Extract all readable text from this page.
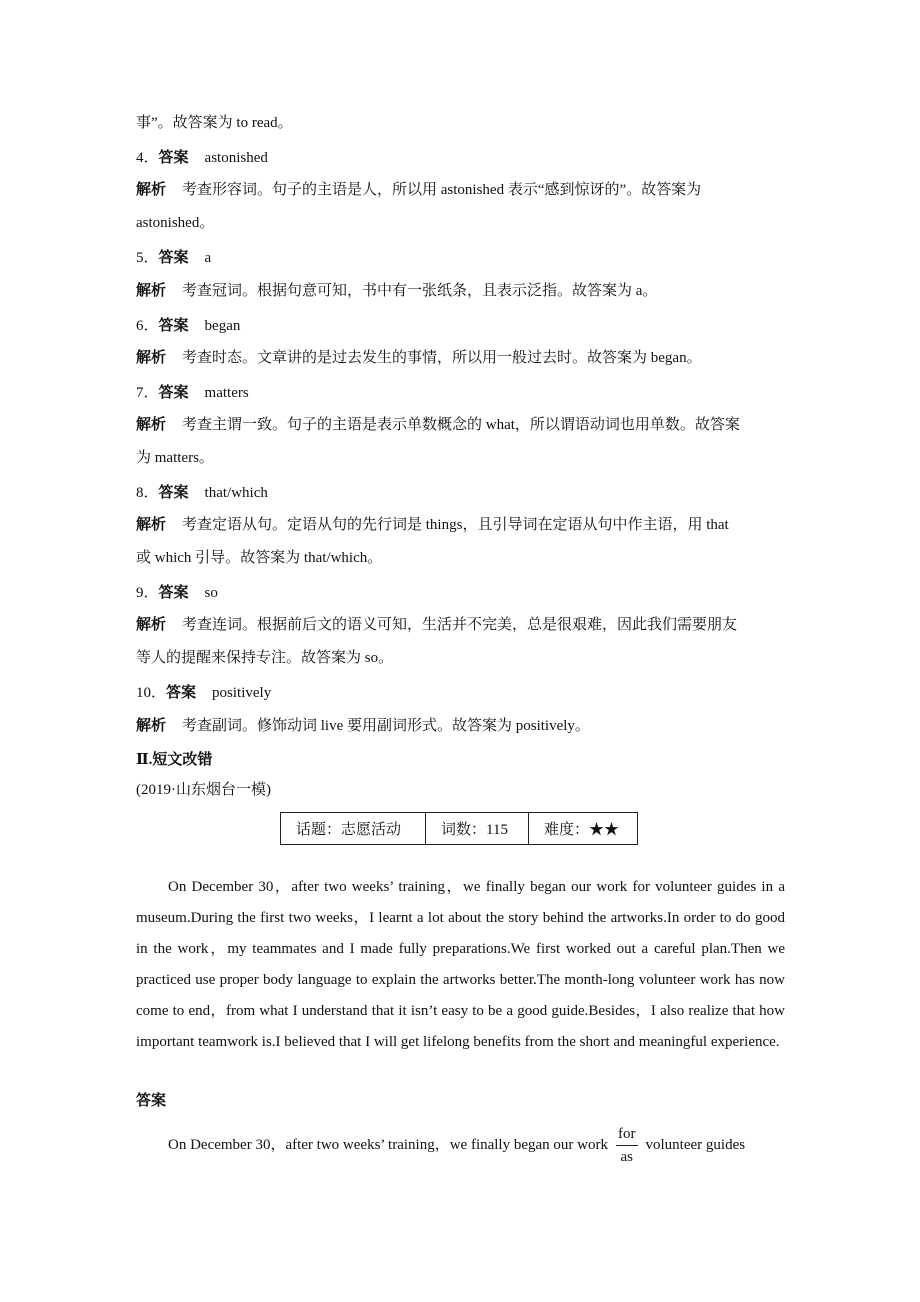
事”。故答案为 to read。
4．答案 astonished
解析 考查形容词。句子的主语是人，所以用 astonished 表示“感到惊讶的”。故答案为
astonished。
5．答案 a
解析 考查冠词。根据句意可知，书中有一张纸条，且表示泛指。故答案为 a。
6．答案 began
解析 考查时态。文章讲的是过去发生的事情，所以用一般过去时。故答案为 began。
7．答案 matters
解析 考查主谓一致。句子的主语是表示单数概念的 what，所以谓语动词也用单数。故答案
为 matters。
8．答案 that/which
解析 考查定语从句。定语从句的先行词是 things，且引导词在定语从句中作主语，用 that
或 which 引导。故答案为 that/which。
9．答案 so
解析 考查连词。根据前后文的语义可知，生活并不完美，总是很艰难，因此我们需要朋友
等人的提醒来保持专注。故答案为 so。
10．答案 positively
解析 考查副词。修饰动词 live 要用副词形式。故答案为 positively。
Ⅱ.短文改错
(2019·山东烟台一模)
话题：志愿活动	词数：115	难度：★★
On December 30，after two weeks’ training，we finally began our work for volunteer guides in a museum.During the first two weeks，I learnt a lot about the story behind the artworks.In order to do good in the work，my teammates and I made fully preparations.We first worked out a careful plan.Then we practiced use proper body language to explain the artworks better.The month-long volunteer work has now come to end，from what I understand that it isn’t easy to be a good guide.Besides，I also realize that how important teamwork is.I believed that I will get lifelong benefits from the short and meaningful experience.
答案
On December 30，after two weeks’ training，we finally began our work $\frac{\text{for}}{as}$ volunteer guides
